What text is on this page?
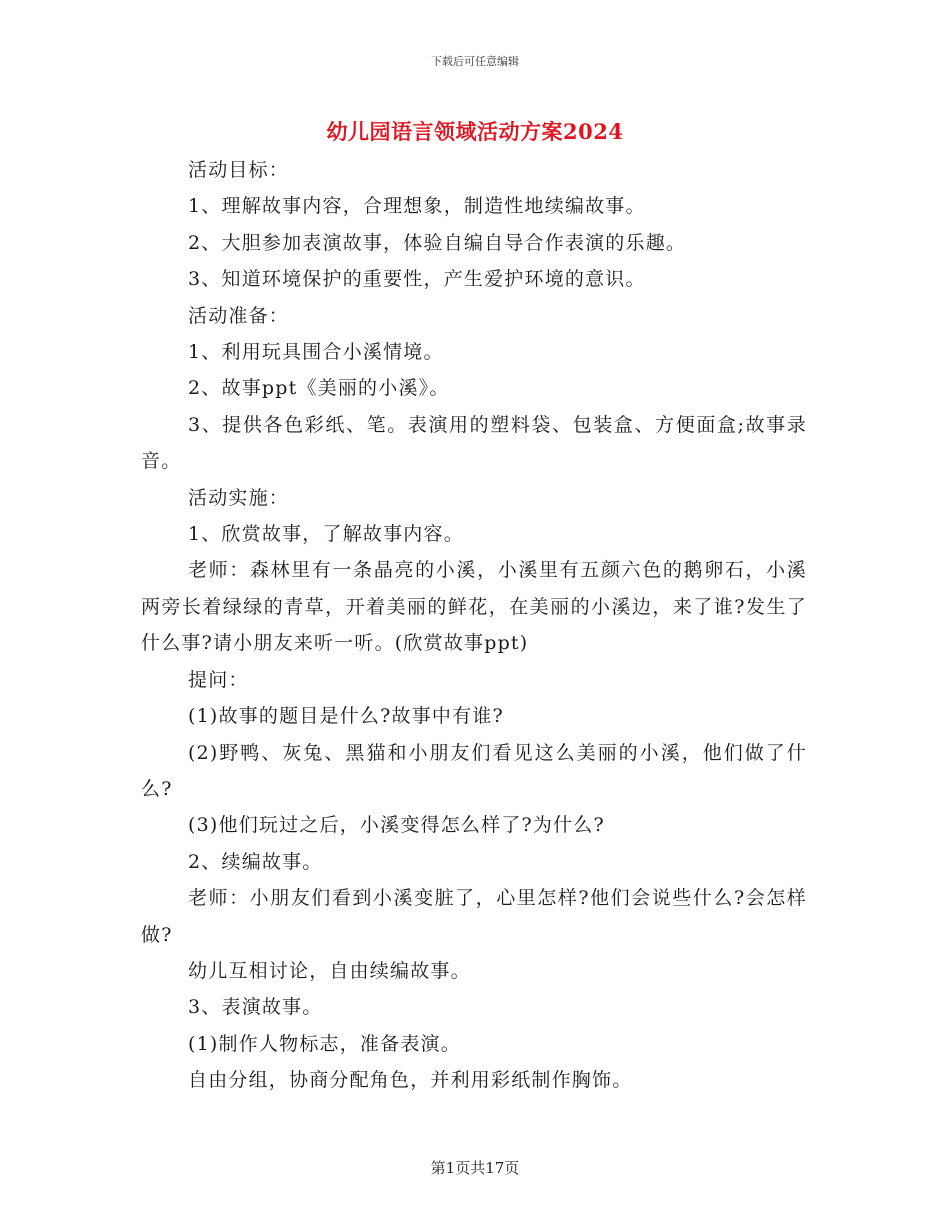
下载后可任意编辑
幼儿园语言领域活动方案2024

活动目标：

1、理解故事内容，合理想象，制造性地续编故事。

2、大胆参加表演故事，体验自编自导合作表演的乐趣。

3、知道环境保护的重要性，产生爱护环境的意识。

活动准备：

1、利用玩具围合小溪情境。

2、故事ppt《美丽的小溪》。

3、提供各色彩纸、笔。表演用的塑料袋、包装盒、方便面盒;故事录音。

活动实施：

1、欣赏故事，了解故事内容。

老师：森林里有一条晶亮的小溪，小溪里有五颜六色的鹅卵石，小溪两旁长着绿绿的青草，开着美丽的鲜花，在美丽的小溪边，来了谁?发生了什么事?请小朋友来听一听。(欣赏故事ppt)

提问：

(1)故事的题目是什么?故事中有谁?

(2)野鸭、灰兔、黑猫和小朋友们看见这么美丽的小溪，他们做了什么?

(3)他们玩过之后，小溪变得怎么样了?为什么?

2、续编故事。

老师：小朋友们看到小溪变脏了，心里怎样?他们会说些什么?会怎样做?

幼儿互相讨论，自由续编故事。

3、表演故事。

(1)制作人物标志，准备表演。

自由分组，协商分配角色，并利用彩纸制作胸饰。

第1页共17页
